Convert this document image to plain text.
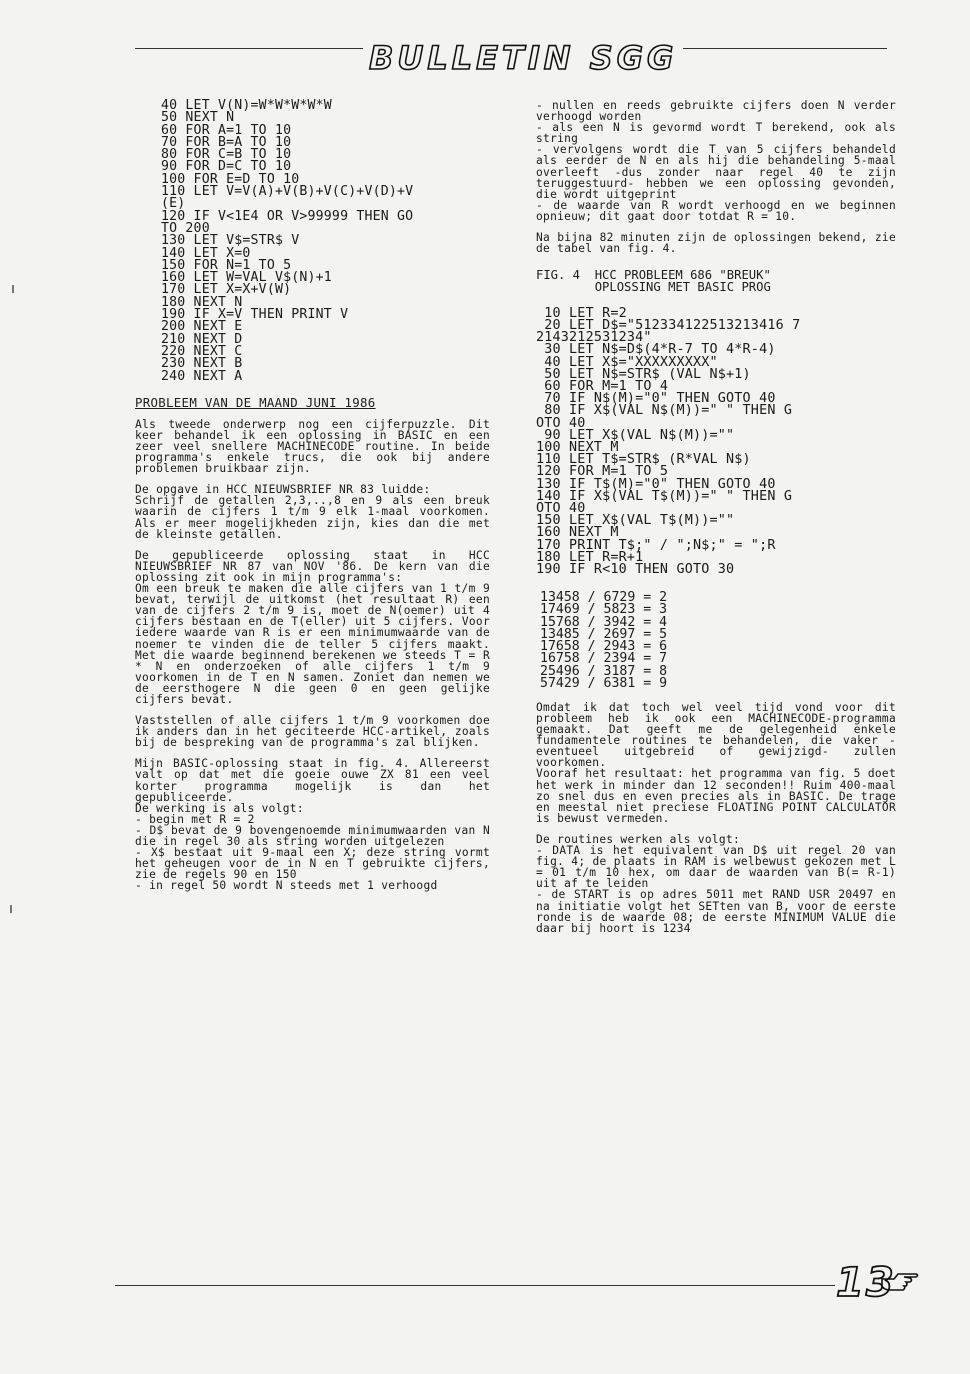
BULLETIN SGG
40 LET V(N)=W*W*W*W*W
50 NEXT N
60 FOR A=1 TO 10
70 FOR B=A TO 10
80 FOR C=B TO 10
90 FOR D=C TO 10
100 FOR E=D TO 10
110 LET V=V(A)+V(B)+V(C)+V(D)+V
(E)
120 IF V<1E4 OR V>99999 THEN GO
TO 200
130 LET V$=STR$ V
140 LET X=0
150 FOR N=1 TO 5
160 LET W=VAL V$(N)+1
170 LET X=X+V(W)
180 NEXT N
190 IF X=V THEN PRINT V
200 NEXT E
210 NEXT D
220 NEXT C
230 NEXT B
240 NEXT A
PROBLEEM VAN DE MAAND JUNI 1986

Als tweede onderwerp nog een cijferpuzzle. Dit keer behandel ik een oplossing in BASIC en een zeer veel snellere MACHINECODE routine. In beide programma's enkele trucs, die ook bij andere problemen bruikbaar zijn.

De opgave in HCC NIEUWSBRIEF NR 83 luidde:
Schrijf de getallen 2,3,..,8 en 9 als een breuk waarin de cijfers 1 t/m 9 elk 1-maal voorkomen. Als er meer mogelijkheden zijn, kies dan die met de kleinste getallen.

De gepubliceerde oplossing staat in HCC NIEUWSBRIEF NR 87 van NOV '86. De kern van die oplossing zit ook in mijn programma's:
Om een breuk te maken die alle cijfers van 1 t/m 9 bevat, terwijl de uitkomst (het resultaat R) een van de cijfers 2 t/m 9 is, moet de N(oemer) uit 4 cijfers bestaan en de T(eller) uit 5 cijfers. Voor iedere waarde van R is er een minimumwaarde van de noemer te vinden die de teller 5 cijfers maakt. Met die waarde beginnend berekenen we steeds T = R * N en onderzoeken of alle cijfers 1 t/m 9 voorkomen in de T en N samen. Zoniet dan nemen we de eersthogere N die geen 0 en geen gelijke cijfers bevat.

Vaststellen of alle cijfers 1 t/m 9 voorkomen doe ik anders dan in het geciteerde HCC-artikel, zoals bij de bespreking van de programma's zal blijken.

Mijn BASIC-oplossing staat in fig. 4. Allereerst valt op dat met die goeie ouwe ZX 81 een veel korter programma mogelijk is dan het gepubliceerde.
De werking is als volgt:
- begin met R = 2
- D$ bevat de 9 bovengenoemde minimumwaarden van N die in regel 30 als string worden uitgelezen
- X$ bestaat uit 9-maal een X; deze string vormt het geheugen voor de in N en T gebruikte cijfers, zie de regels 90 en 150
- in regel 50 wordt N steeds met 1 verhoogd

- nullen en reeds gebruikte cijfers doen N verder verhoogd worden
- als een N is gevormd wordt T berekend, ook als string
- vervolgens wordt die T van 5 cijfers behandeld als eerder de N en als hij die behandeling 5-maal overleeft -dus zonder naar regel 40 te zijn teruggestuurd- hebben we een oplossing gevonden, die wordt uitgeprint
- de waarde van R wordt verhoogd en we beginnen opnieuw; dit gaat door totdat R = 10.

Na bijna 82 minuten zijn de oplossingen bekend, zie de tabel van fig. 4.

FIG. 4  HCC PROBLEEM 686 "BREUK"
OPLOSSING MET BASIC PROG
10 LET R=2
20 LET D$="512334122513213416 7
2143212531234"
30 LET N$=D$(4*R-7 TO 4*R-4)
40 LET X$="XXXXXXXXX"
50 LET N$=STR$ (VAL N$+1)
60 FOR M=1 TO 4
70 IF N$(M)="0" THEN GOTO 40
80 IF X$(VAL N$(M))=" " THEN G
OTO 40
90 LET X$(VAL N$(M))=""
100 NEXT M
110 LET T$=STR$ (R*VAL N$)
120 FOR M=1 TO 5
130 IF T$(M)="0" THEN GOTO 40
140 IF X$(VAL T$(M))=" " THEN G
OTO 40
150 LET X$(VAL T$(M))=""
160 NEXT M
170 PRINT T$;" / ";N$;" = ";R
180 LET R=R+1
190 IF R<10 THEN GOTO 30
13458 / 6729 = 2
17469 / 5823 = 3
15768 / 3942 = 4
13485 / 2697 = 5
17658 / 2943 = 6
16758 / 2394 = 7
25496 / 3187 = 8
57429 / 6381 = 9

Omdat ik dat toch wel veel tijd vond voor dit probleem heb ik ook een MACHINECODE-programma gemaakt. Dat geeft me de gelegenheid enkele fundamentele routines te behandelen, die vaker -eventueel uitgebreid of gewijzigd- zullen voorkomen.
Vooraf het resultaat: het programma van fig. 5 doet het werk in minder dan 12 seconden!! Ruim 400-maal zo snel dus en even precies als in BASIC. De trage en meestal niet preciese FLOATING POINT CALCULATOR is bewust vermeden.

De routines werken als volgt:
- DATA is het equivalent van D$ uit regel 20 van fig. 4; de plaats in RAM is welbewust gekozen met L = 01 t/m 10 hex, om daar de waarden van B(= R-1) uit af te leiden
- de START is op adres 5011 met RAND USR 20497 en na initiatie volgt het SETten van B, voor de eerste ronde is de waarde 08; de eerste MINIMUM VALUE die daar bij hoort is 1234

13
